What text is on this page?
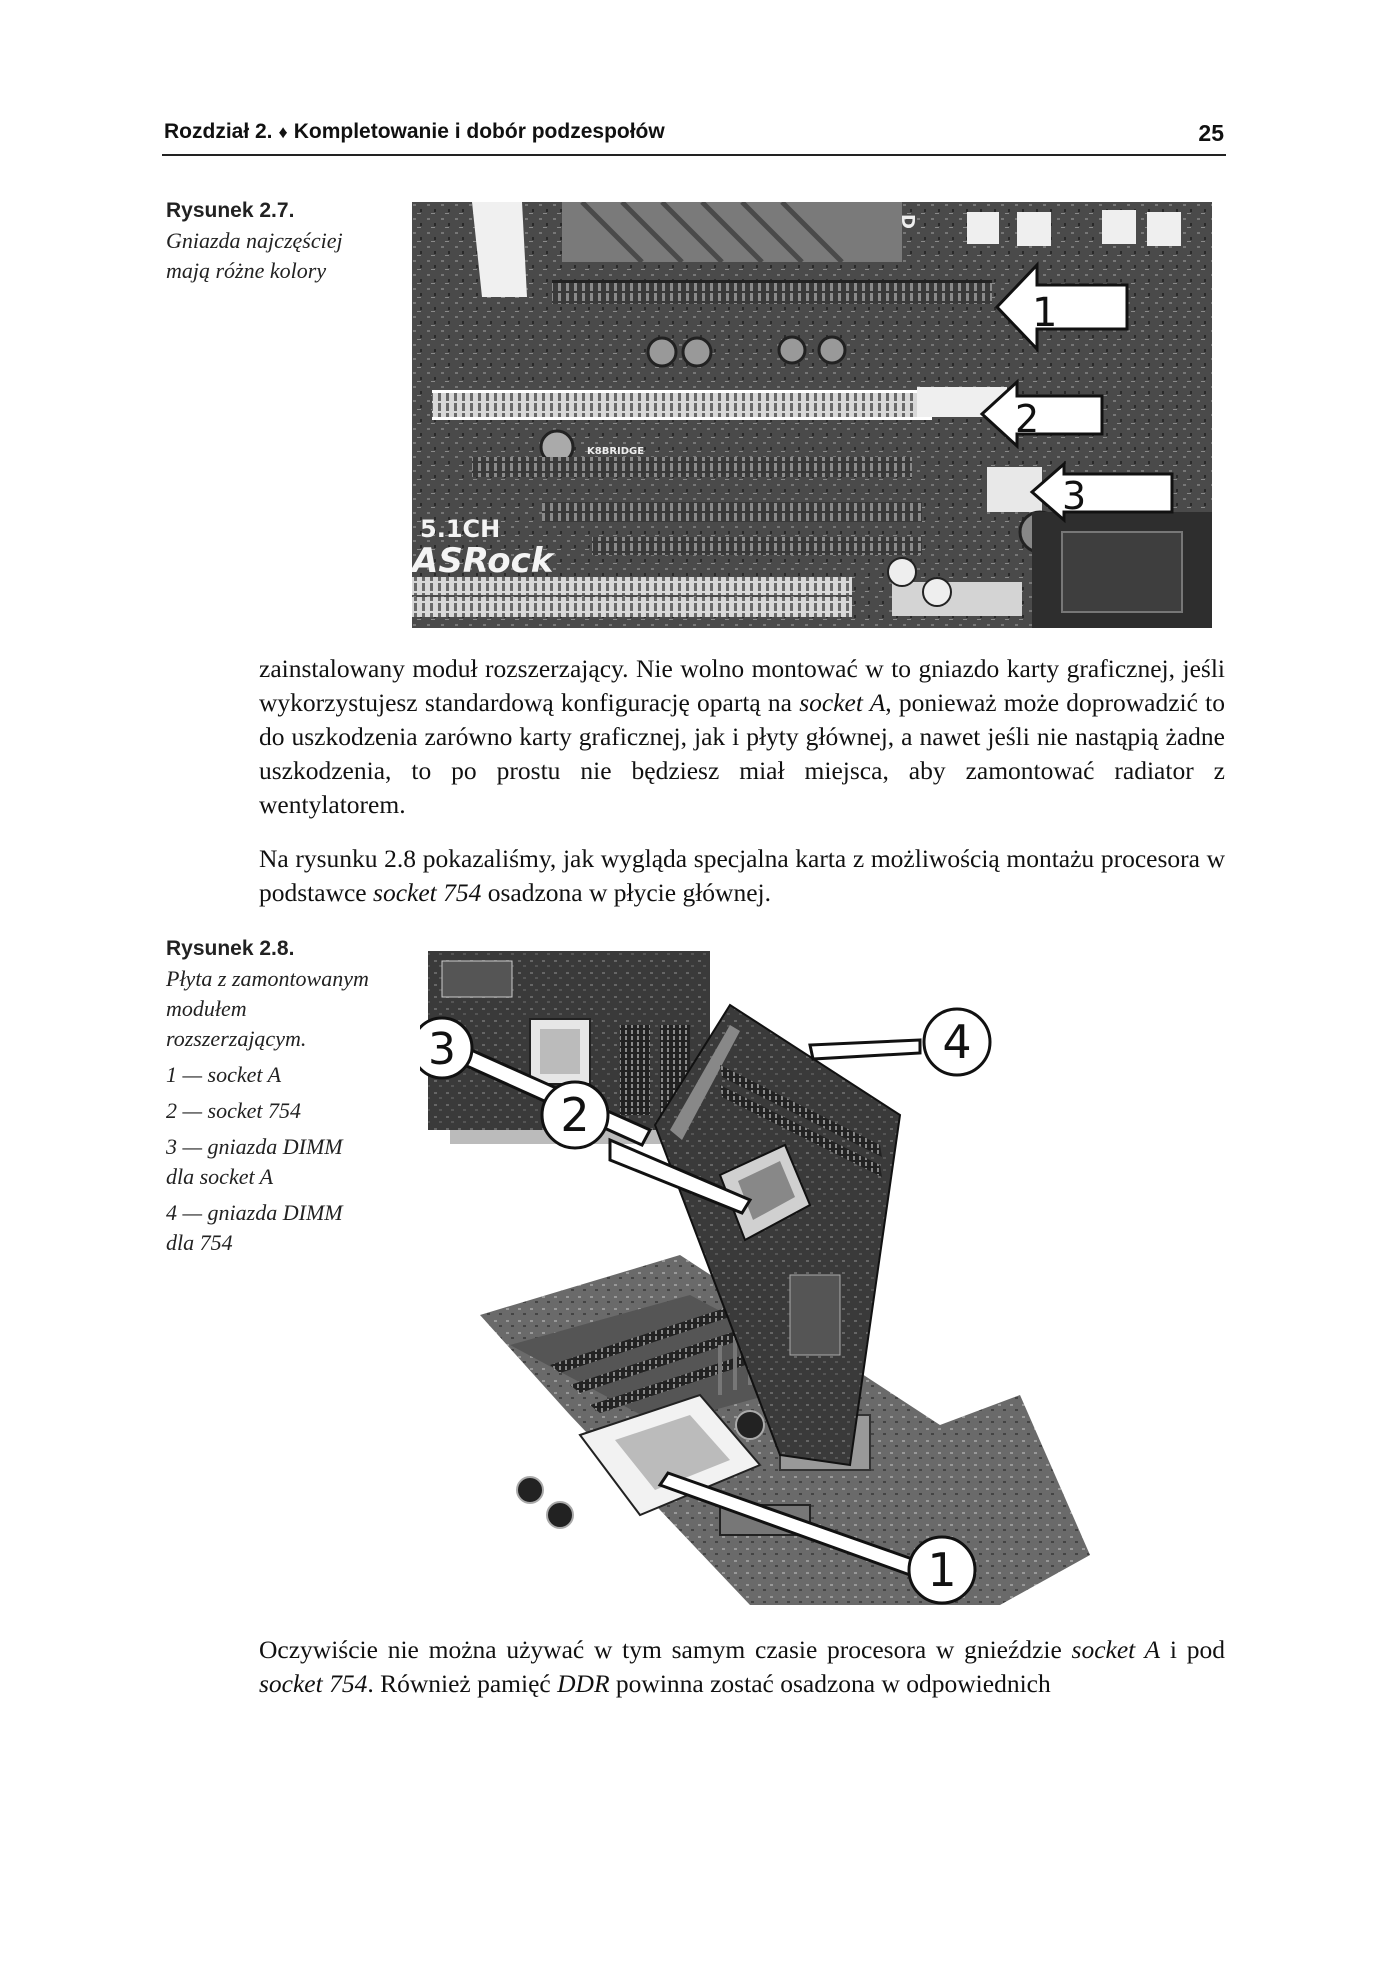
Rozdział 2. ♦ Kompletowanie i dobór podzespołów	25
Rysunek 2.7.
Gniazda najczęściej
mają różne kolory
5.1CH
ASRock
K8BRIDGE
D
1
2
3
zainstalowany moduł rozszerzający. Nie wolno montować w to gniazdo karty graficznej, jeśli wykorzystujesz standardową konfigurację opartą na socket A, ponieważ może doprowadzić to do uszkodzenia zarówno karty graficznej, jak i płyty głównej, a nawet jeśli nie nastąpią żadne uszkodzenia, to po prostu nie będziesz miał miejsca, aby zamontować radiator z wentylatorem.
Na rysunku 2.8 pokazaliśmy, jak wygląda specjalna karta z możliwością montażu procesora w podstawce socket 754 osadzona w płycie głównej.
Rysunek 2.8.
Płyta z zamontowanym
modułem
rozszerzającym.
1 — socket A
2 — socket 754
3 — gniazda DIMM
dla socket A
4 — gniazda DIMM
dla 754
2
3	4
1
Oczywiście nie można używać w tym samym czasie procesora w gnieździe socket A i pod socket 754. Również pamięć DDR powinna zostać osadzona w odpowiednich
